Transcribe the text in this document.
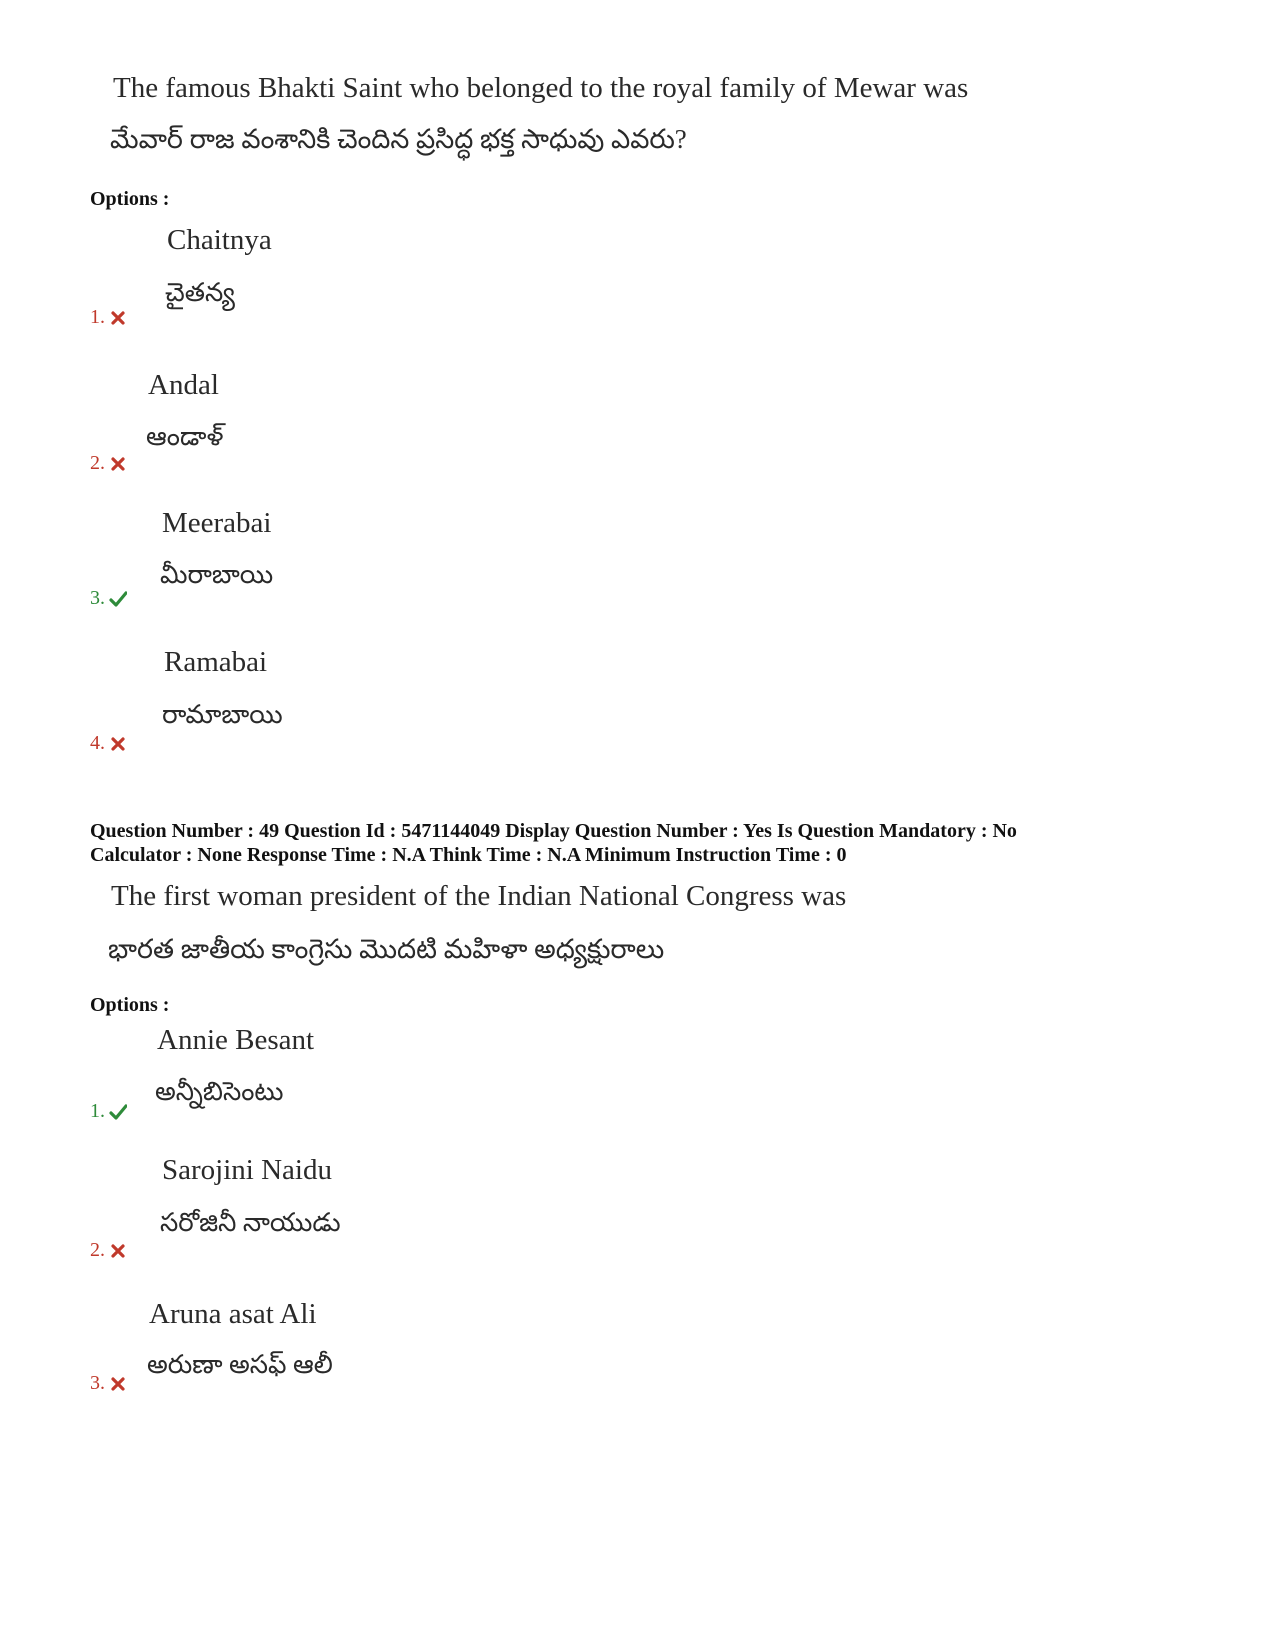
The famous Bhakti Saint who belonged to the royal family of Mewar was
మేవార్ రాజ వంశానికి చెందిన ప్రసిద్ధ భక్త సాధువు ఎవరు?
Options :
Chaitnya
చైతన్య
1.
Andal
ఆండాళ్
2.
Meerabai
మీరాబాయి
3.
Ramabai
రామాబాయి
4.
Question Number : 49 Question Id : 5471144049 Display Question Number : Yes Is Question Mandatory : No
Calculator : None Response Time : N.A Think Time : N.A Minimum Instruction Time : 0
The first woman president of the Indian National Congress was
భారత జాతీయ కాంగ్రెసు మొదటి మహిళా అధ్యక్షురాలు
Options :
Annie Besant
అన్నీబిసెంటు
1.
Sarojini Naidu
సరోజినీ నాయుడు
2.
Aruna asat Ali
అరుణా అసఫ్ ఆలీ
3.
